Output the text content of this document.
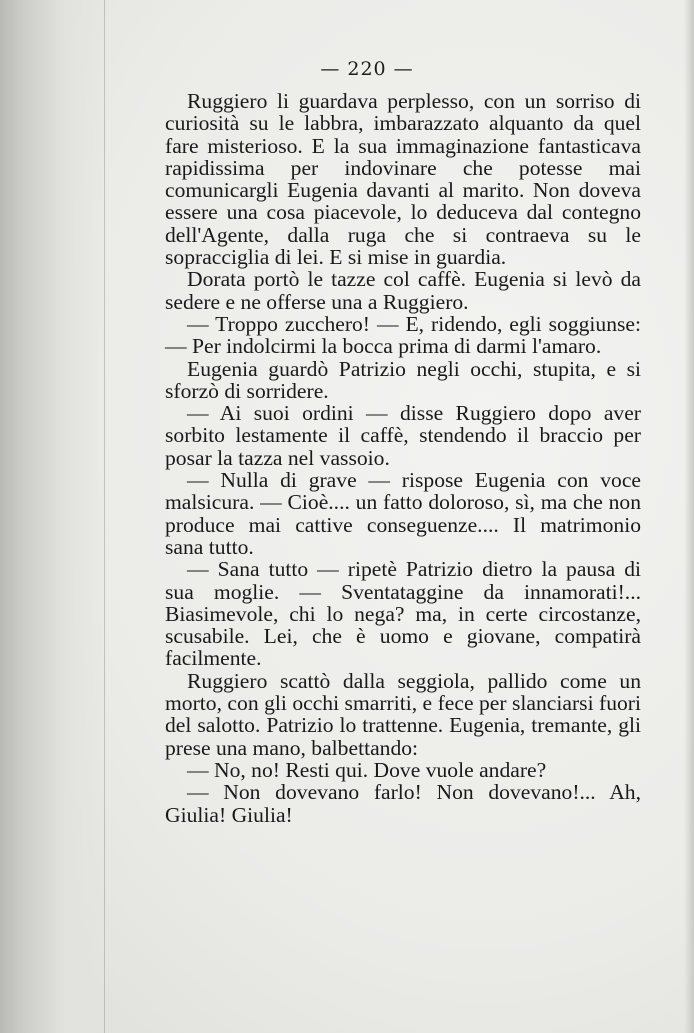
— 220 —

Ruggiero li guardava perplesso, con un sorriso di curiosità su le labbra, imbarazzato alquanto da quel fare misterioso. E la sua immaginazione fantasticava rapidissima per indovinare che potesse mai comunicargli Eugenia davanti al marito. Non doveva essere una cosa piacevole, lo deduceva dal contegno dell'Agente, dalla ruga che si contraeva su le sopracciglia di lei. E si mise in guardia.

Dorata portò le tazze col caffè. Eugenia si levò da sedere e ne offerse una a Ruggiero.

— Troppo zucchero! — E, ridendo, egli soggiunse: — Per indolcirmi la bocca prima di darmi l'amaro.

Eugenia guardò Patrizio negli occhi, stupita, e si sforzò di sorridere.

— Ai suoi ordini — disse Ruggiero dopo aver sorbito lestamente il caffè, stendendo il braccio per posar la tazza nel vassoio.

— Nulla di grave — rispose Eugenia con voce malsicura. — Cioè.... un fatto doloroso, sì, ma che non produce mai cattive conseguenze.... Il matrimonio sana tutto.

— Sana tutto — ripetè Patrizio dietro la pausa di sua moglie. — Sventataggine da innamorati!... Biasimevole, chi lo nega? ma, in certe circostanze, scusabile. Lei, che è uomo e giovane, compatirà facilmente.

Ruggiero scattò dalla seggiola, pallido come un morto, con gli occhi smarriti, e fece per slanciarsi fuori del salotto. Patrizio lo trattenne. Eugenia, tremante, gli prese una mano, balbettando:

— No, no! Resti qui. Dove vuole andare?

— Non dovevano farlo! Non dovevano!... Ah, Giulia! Giulia!
